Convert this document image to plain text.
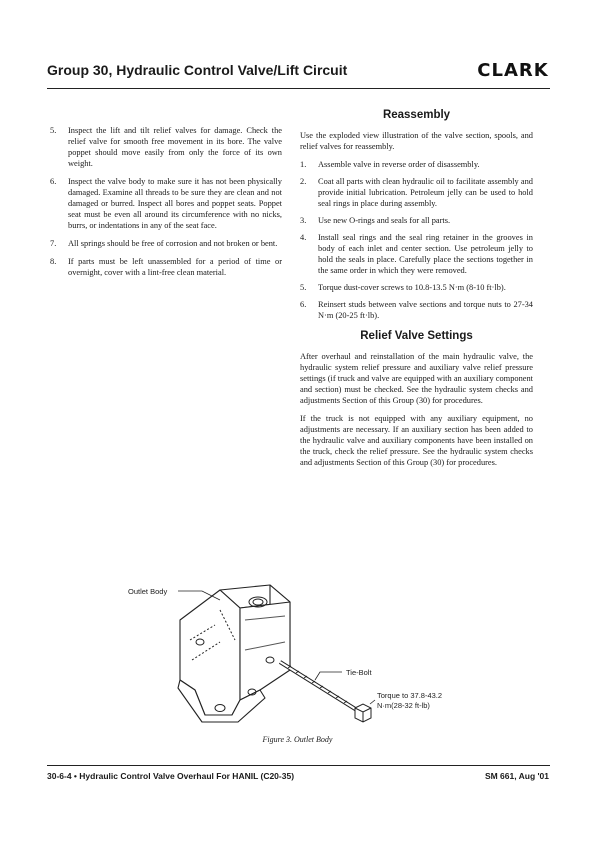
Group 30, Hydraulic Control Valve/Lift Circuit	CLARK
5. Inspect the lift and tilt relief valves for damage. Check the relief valve for smooth free movement in its bore. The valve poppet should move easily from only the force of its own weight.
6. Inspect the valve body to make sure it has not been physically damaged. Examine all threads to be sure they are clean and not damaged or burred. Inspect all bores and poppet seats. Poppet seat must be even all around its circumference with no nicks, burrs, or indentations in any of the seat face.
7. All springs should be free of corrosion and not broken or bent.
8. If parts must be left unassembled for a period of time or overnight, cover with a lint-free clean material.
Reassembly

Use the exploded view illustration of the valve section, spools, and relief valves for reassembly.

1. Assemble valve in reverse order of disassembly.
2. Coat all parts with clean hydraulic oil to facilitate assembly and provide initial lubrication. Petroleum jelly can be used to hold seal rings in place during assembly.
3. Use new O-rings and seals for all parts.
4. Install seal rings and the seal ring retainer in the grooves in body of each inlet and center section. Use petroleum jelly to hold the seals in place. Carefully place the sections together in the same order in which they were removed.
5. Torque dust-cover screws to 10.8-13.5 N·m (8-10 ft·lb).
6. Reinsert studs between valve sections and torque nuts to 27-34 N·m (20-25 ft·lb).
Relief Valve Settings

After overhaul and reinstallation of the main hydraulic valve, the hydraulic system relief pressure and auxiliary valve relief pressure settings (if truck and valve are equipped with an auxiliary component and section) must be checked. See the hydraulic system checks and adjustments Section of this Group (30) for procedures.

If the truck is not equipped with any auxiliary equipment, no adjustments are necessary. If an auxiliary section has been added to the hydraulic valve and auxiliary components have been installed on the truck, check the relief pressure. See the hydraulic system checks and adjustments Section of this Group (30) for procedures.

Outlet Body
Tie-Bolt
Torque to 37.8-43.2
N·m(28-32 ft-lb)
Figure 3. Outlet Body
30-6-4 • Hydraulic Control Valve Overhaul For HANIL (C20-35)	SM 661, Aug '01
